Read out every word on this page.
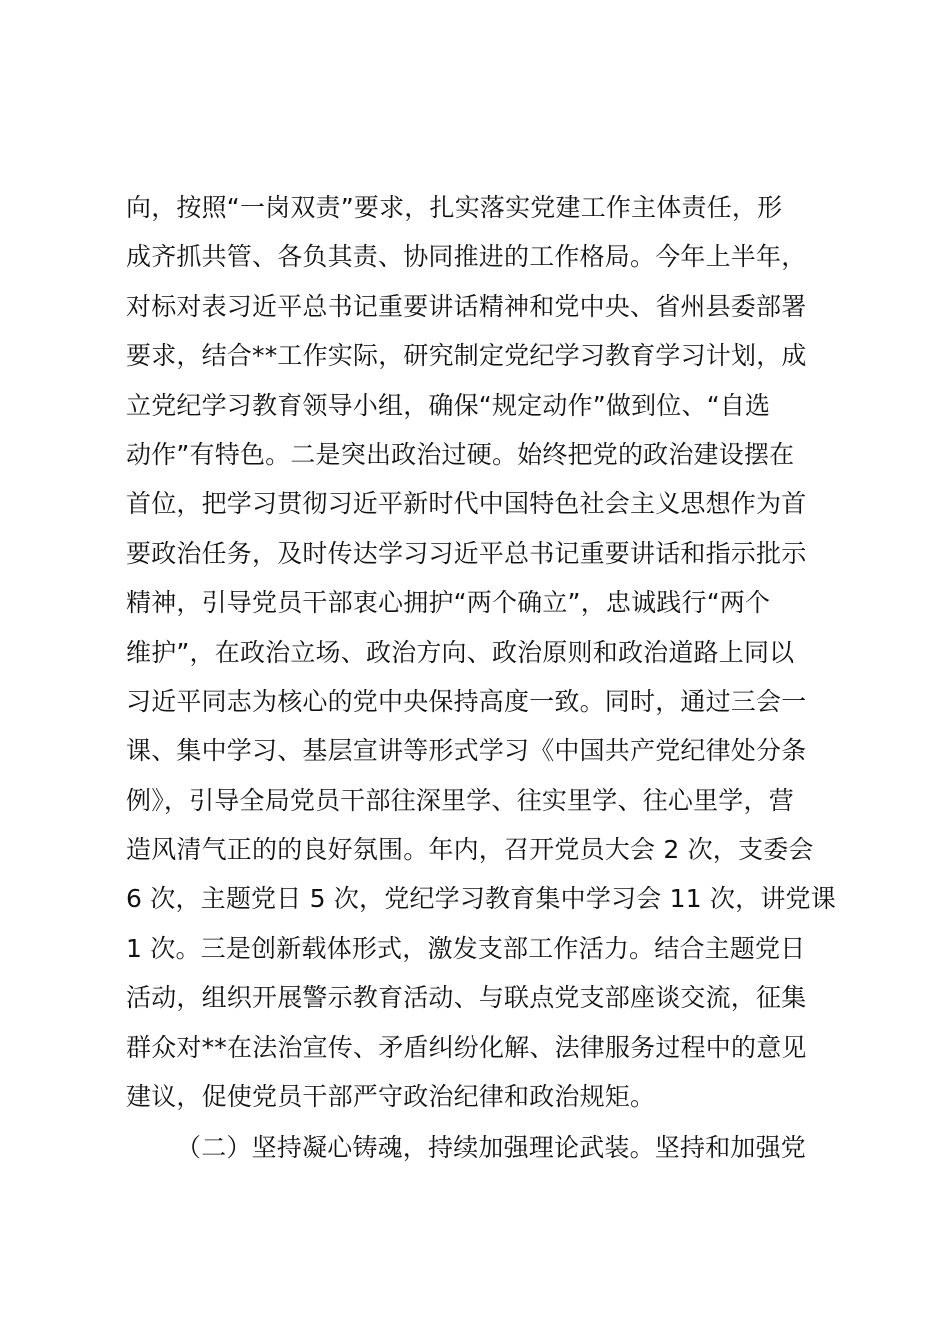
向，按照“一岗双责”要求，扎实落实党建工作主体责任，形
成齐抓共管、各负其责、协同推进的工作格局。今年上半年，
对标对表习近平总书记重要讲话精神和党中央、省州县委部署
要求，结合**工作实际，研究制定党纪学习教育学习计划，成
立党纪学习教育领导小组，确保“规定动作”做到位、“自选
动作”有特色。二是突出政治过硬。始终把党的政治建设摆在
首位，把学习贯彻习近平新时代中国特色社会主义思想作为首
要政治任务，及时传达学习习近平总书记重要讲话和指示批示
精神，引导党员干部衷心拥护“两个确立”，忠诚践行“两个
维护”，在政治立场、政治方向、政治原则和政治道路上同以
习近平同志为核心的党中央保持高度一致。同时，通过三会一
课、集中学习、基层宣讲等形式学习《中国共产党纪律处分条
例》，引导全局党员干部往深里学、往实里学、往心里学，营
造风清气正的的良好氛围。年内，召开党员大会 2 次，支委会
6 次，主题党日 5 次，党纪学习教育集中学习会 11 次，讲党课
1 次。三是创新载体形式，激发支部工作活力。结合主题党日
活动，组织开展警示教育活动、与联点党支部座谈交流，征集
群众对**在法治宣传、矛盾纠纷化解、法律服务过程中的意见
建议，促使党员干部严守政治纪律和政治规矩。
（二）坚持凝心铸魂，持续加强理论武装。坚持和加强党
